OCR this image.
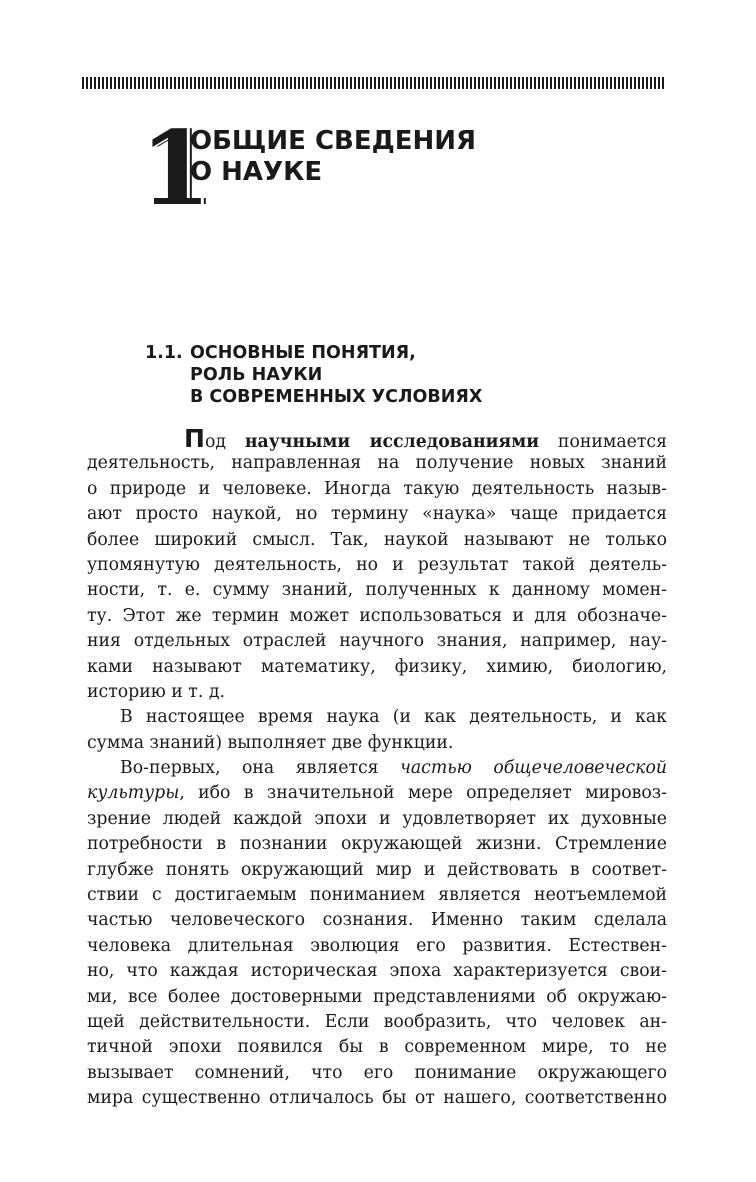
1
ОБЩИЕ СВЕДЕНИЯ
О НАУКЕ
1.1. ОСНОВНЫЕ ПОНЯТИЯ,
РОЛЬ НАУКИ
В СОВРЕМЕННЫХ УСЛОВИЯХ
Под научными исследованиями понимается
деятельность, направленная на получение новых знаний
о природе и человеке. Иногда такую деятельность назыв-
ают просто наукой, но термину «наука» чаще придается
более широкий смысл. Так, наукой называют не только
упомянутую деятельность, но и результат такой деятель-
ности, т. е. сумму знаний, полученных к данному момен-
ту. Этот же термин может использоваться и для обозначе-
ния отдельных отраслей научного знания, например, нау-
ками называют математику, физику, химию, биологию,
историю и т. д.
В настоящее время наука (и как деятельность, и как
сумма знаний) выполняет две функции.
Во-первых, она является частью общечеловеческой
культуры, ибо в значительной мере определяет мировоз-
зрение людей каждой эпохи и удовлетворяет их духовные
потребности в познании окружающей жизни. Стремление
глубже понять окружающий мир и действовать в соответ-
ствии с достигаемым пониманием является неотъемлемой
частью человеческого сознания. Именно таким сделала
человека длительная эволюция его развития. Естествен-
но, что каждая историческая эпоха характеризуется свои-
ми, все более достоверными представлениями об окружаю-
щей действительности. Если вообразить, что человек ан-
тичной эпохи появился бы в современном мире, то не
вызывает сомнений, что его понимание окружающего
мира существенно отличалось бы от нашего, соответственно
